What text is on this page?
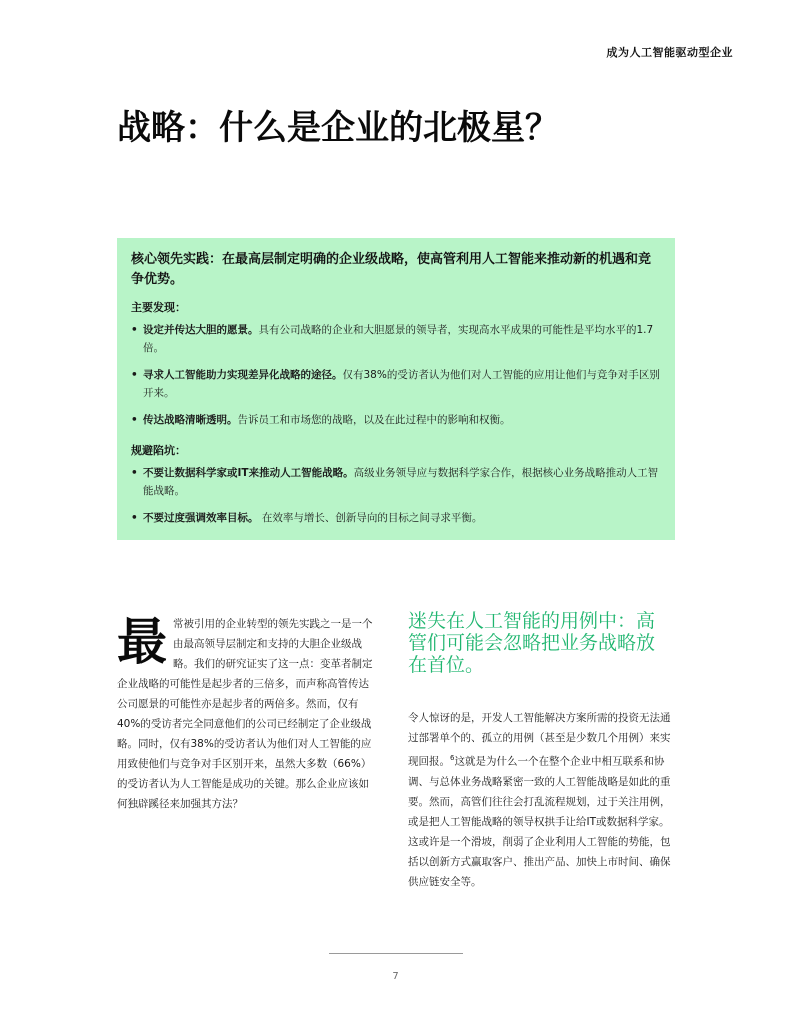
成为人工智能驱动型企业
战略：什么是企业的北极星？

核心领先实践：在最高层制定明确的企业级战略，使高管利用人工智能来推动新的机遇和竞争优势。

主要发现：

• 设定并传达大胆的愿景。具有公司战略的企业和大胆愿景的领导者，实现高水平成果的可能性是平均水平的1.7倍。
• 寻求人工智能助力实现差异化战略的途径。仅有38%的受访者认为他们对人工智能的应用让他们与竞争对手区别开来。
• 传达战略清晰透明。告诉员工和市场您的战略，以及在此过程中的影响和权衡。

规避陷坑：

• 不要让数据科学家或IT来推动人工智能战略。高级业务领导应与数据科学家合作，根据核心业务战略推动人工智能战略。
• 不要过度强调效率目标。 在效率与增长、创新导向的目标之间寻求平衡。
最常被引用的企业转型的领先实践之一是一个由最高领导层制定和支持的大胆企业级战略。我们的研究证实了这一点：变革者制定企业战略的可能性是起步者的三倍多，而声称高管传达公司愿景的可能性亦是起步者的两倍多。然而，仅有40%的受访者完全同意他们的公司已经制定了企业级战略。同时，仅有38%的受访者认为他们对人工智能的应用致使他们与竞争对手区别开来，虽然大多数（66%）的受访者认为人工智能是成功的关键。那么企业应该如何独辟蹊径来加强其方法？

迷失在人工智能的用例中：高管们可能会忽略把业务战略放在首位。

令人惊讶的是，开发人工智能解决方案所需的投资无法通过部署单个的、孤立的用例（甚至是少数几个用例）来实现回报。$^6$这就是为什么一个在整个企业中相互联系和协调、与总体业务战略紧密一致的人工智能战略是如此的重要。然而，高管们往往会打乱流程规划，过于关注用例，或是把人工智能战略的领导权拱手让给IT或数据科学家。这或许是一个滑坡，削弱了企业利用人工智能的势能，包括以创新方式赢取客户、推出产品、加快上市时间、确保供应链安全等。

7
